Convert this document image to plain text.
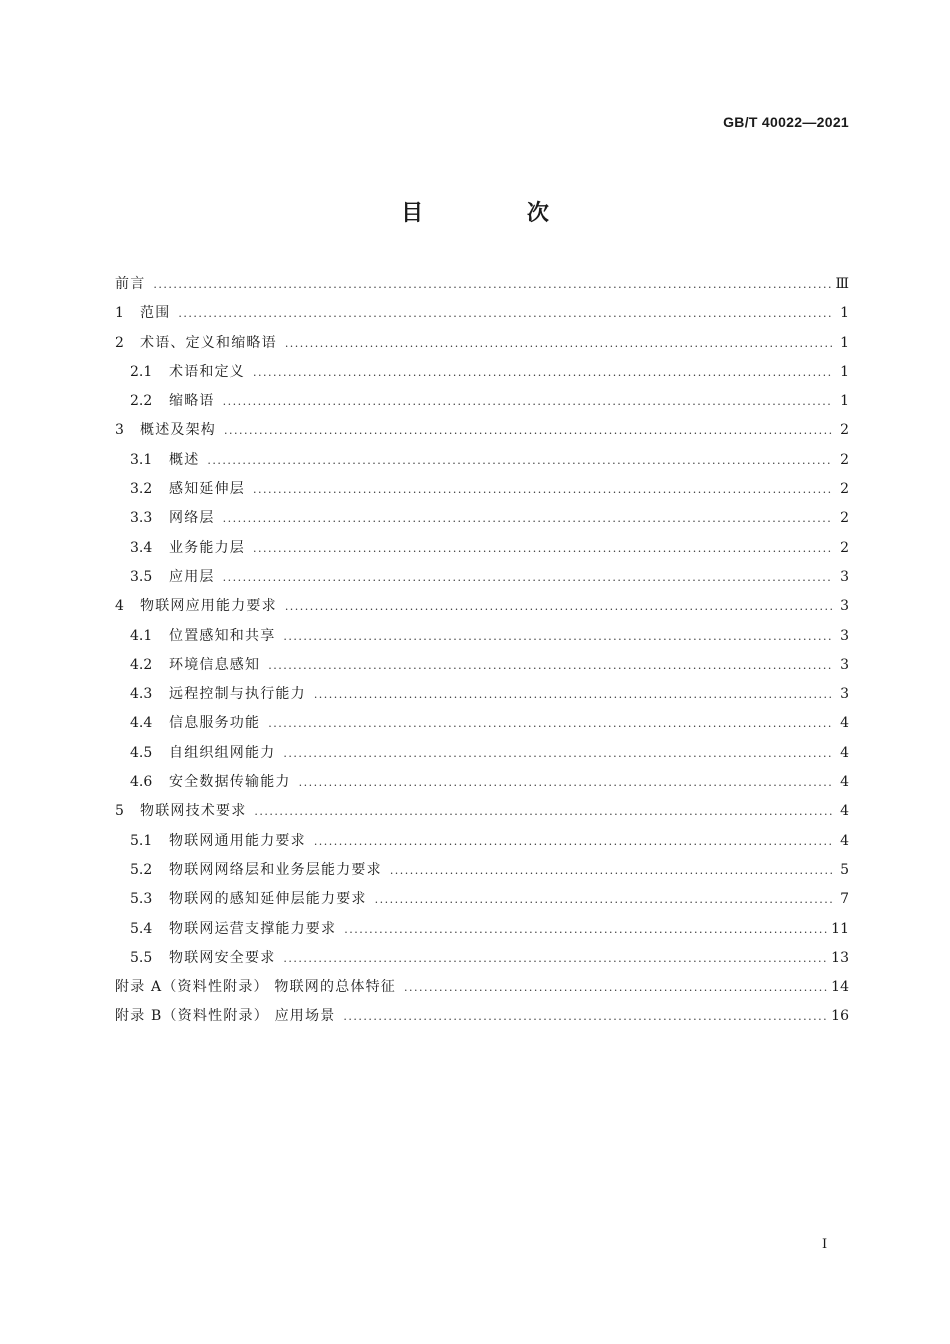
GB/T 40022—2021
目 次
前言 .....	Ⅲ
1	范围 .....	1
2	术语、定义和缩略语 .....	1
2.1	术语和定义 .....	1
2.2	缩略语 .....	1
3	概述及架构 .....	2
3.1	概述 .....	2
3.2	感知延伸层 .....	2
3.3	网络层 .....	2
3.4	业务能力层 .....	2
3.5	应用层 .....	3
4	物联网应用能力要求 .....	3
4.1	位置感知和共享 .....	3
4.2	环境信息感知 .....	3
4.3	远程控制与执行能力 .....	3
4.4	信息服务功能 .....	4
4.5	自组织组网能力 .....	4
4.6	安全数据传输能力 .....	4
5	物联网技术要求 .....	4
5.1	物联网通用能力要求 .....	4
5.2	物联网网络层和业务层能力要求 .....	5
5.3	物联网的感知延伸层能力要求 .....	7
5.4	物联网运营支撑能力要求 .....	11
5.5	物联网安全要求 .....	13
附录 A（资料性附录） 物联网的总体特征 .....	14
附录 B（资料性附录） 应用场景 .....	16
I
